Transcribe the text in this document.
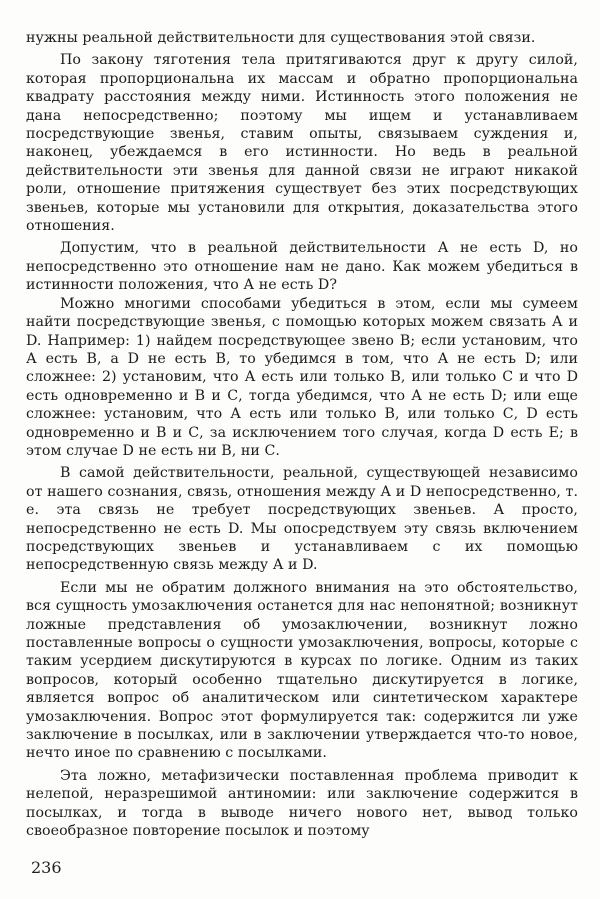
нужны реальной действительности для существования этой связи.

По закону тяготения тела притягиваются друг к другу силой, которая пропорциональна их массам и обратно пропорциональна квадрату расстояния между ними. Истинность этого положения не дана непосредственно; поэтому мы ищем и устанавливаем посредствующие звенья, ставим опыты, связываем суждения и, наконец, убеждаемся в его истинности. Но ведь в реальной действительности эти звенья для данной связи не играют никакой роли, отношение притяжения существует без этих посредствующих звеньев, которые мы установили для открытия, доказательства этого отношения.

Допустим, что в реальной действительности А не есть D, но непосредственно это отношение нам не дано. Как можем убедиться в истинности положения, что А не есть D?

Можно многими способами убедиться в этом, если мы сумеем найти посредствующие звенья, с помощью которых можем связать А и D. Например: 1) найдем посредствующее звено В; если установим, что А есть В, а D не есть В, то убедимся в том, что А не есть D; или сложнее: 2) установим, что А есть или только В, или только С и что D есть одновременно и В и С, тогда убедимся, что А не есть D; или еще сложнее: установим, что А есть или только В, или только С, D есть одновременно и В и С, за исключением того случая, когда D есть Е; в этом случае D не есть ни В, ни С.

В самой действительности, реальной, существующей независимо от нашего сознания, связь, отношения между А и D непосредственно, т. е. эта связь не требует посредствующих звеньев. А просто, непосредственно не есть D. Мы опосредствуем эту связь включением посредствующих звеньев и устанавливаем с их помощью непосредственную связь между А и D.

Если мы не обратим должного внимания на это обстоятельство, вся сущность умозаключения останется для нас непонятной; возникнут ложные представления об умозаключении, возникнут ложно поставленные вопросы о сущности умозаключения, вопросы, которые с таким усердием дискутируются в курсах по логике. Одним из таких вопросов, который особенно тщательно дискутируется в логике, является вопрос об аналитическом или синтетическом характере умозаключения. Вопрос этот формулируется так: содержится ли уже заключение в посылках, или в заключении утверждается что-то новое, нечто иное по сравнению с посылками.

Эта ложно, метафизически поставленная проблема приводит к нелепой, неразрешимой антиномии: или заключение содержится в посылках, и тогда в выводе ничего нового нет, вывод только своеобразное повторение посылок и поэтому

236
